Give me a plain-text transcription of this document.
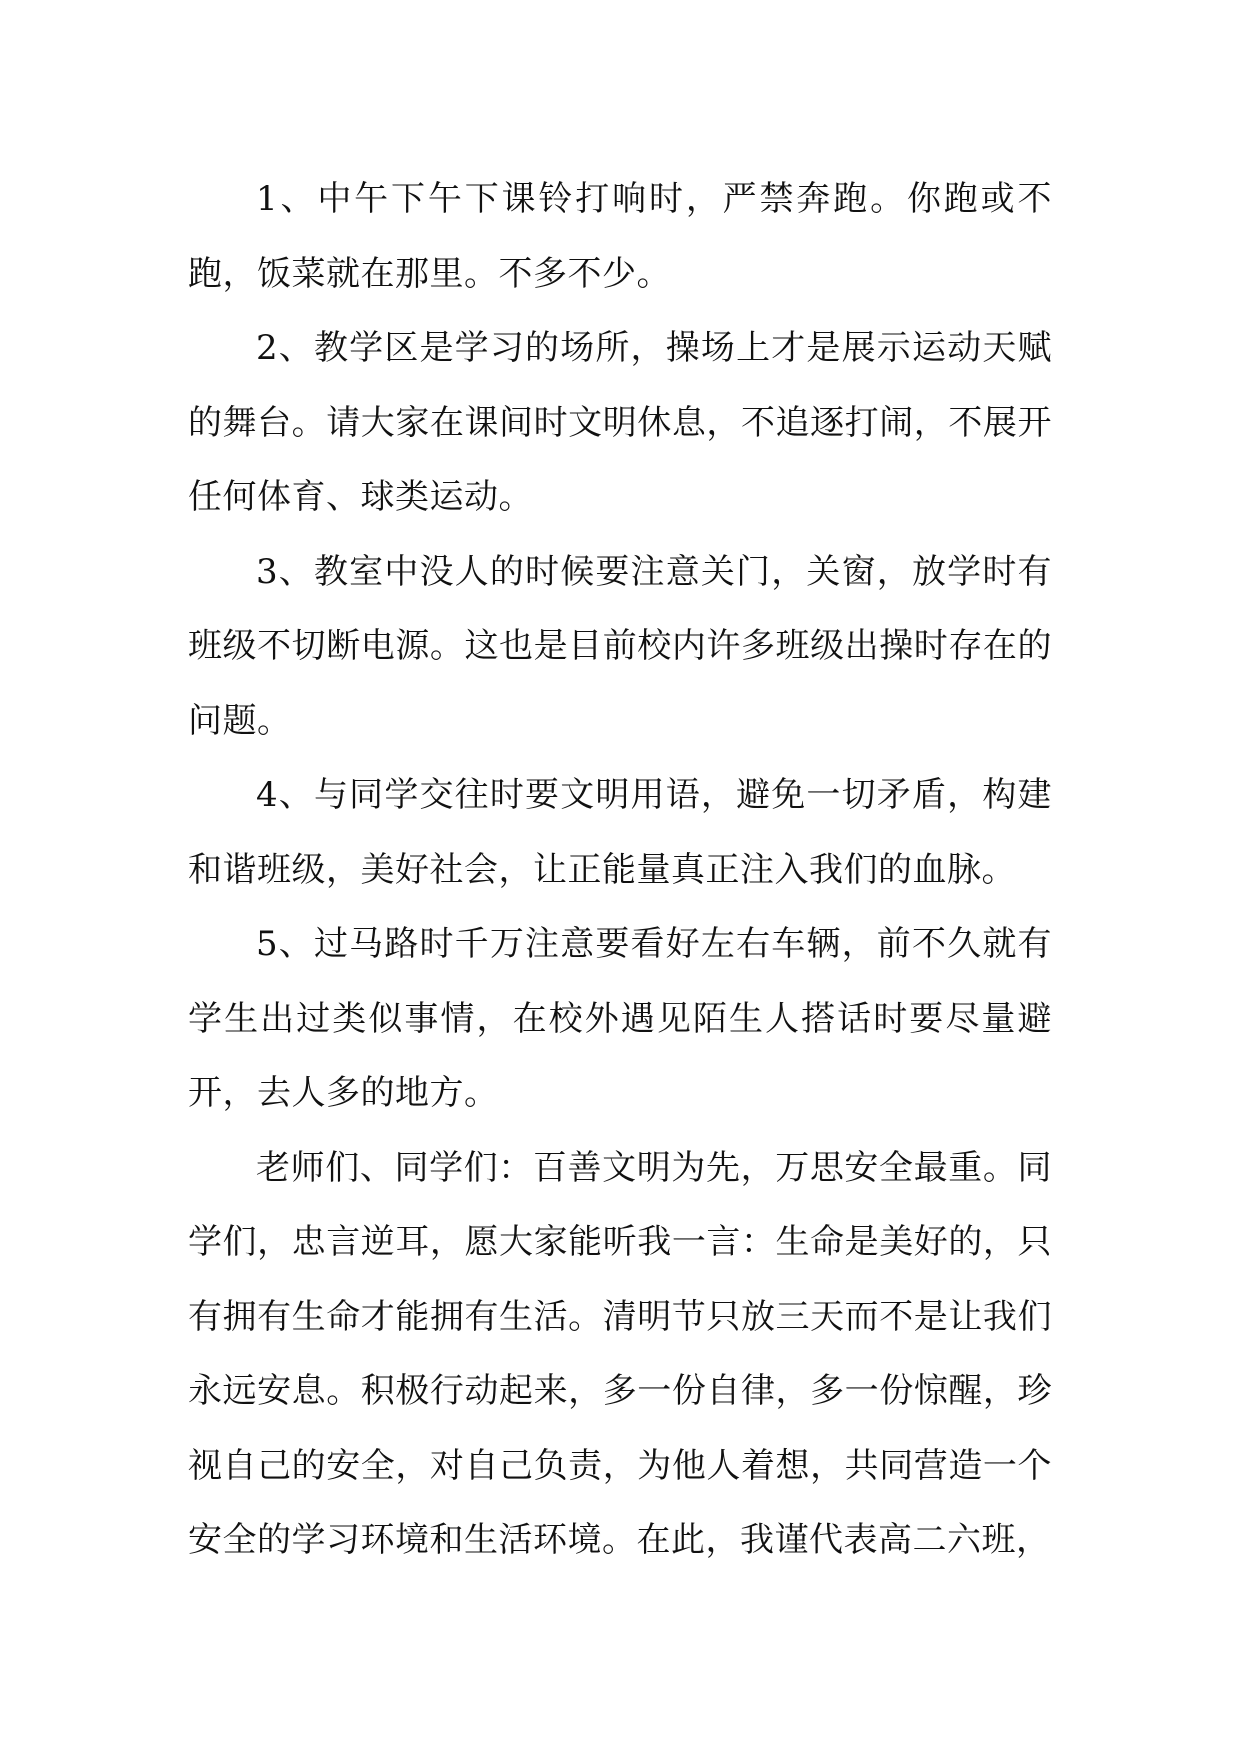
1、中午下午下课铃打响时，严禁奔跑。你跑或不跑，饭菜就在那里。不多不少。

2、教学区是学习的场所，操场上才是展示运动天赋的舞台。请大家在课间时文明休息，不追逐打闹，不展开任何体育、球类运动。

3、教室中没人的时候要注意关门，关窗，放学时有班级不切断电源。这也是目前校内许多班级出操时存在的问题。

4、与同学交往时要文明用语，避免一切矛盾，构建和谐班级，美好社会，让正能量真正注入我们的血脉。

5、过马路时千万注意要看好左右车辆，前不久就有学生出过类似事情，在校外遇见陌生人搭话时要尽量避开，去人多的地方。

老师们、同学们：百善文明为先，万思安全最重。同学们，忠言逆耳，愿大家能听我一言：生命是美好的，只有拥有生命才能拥有生活。清明节只放三天而不是让我们永远安息。积极行动起来，多一份自律，多一份惊醒，珍视自己的安全，对自己负责，为他人着想，共同营造一个安全的学习环境和生活环境。在此，我谨代表高二六班，
